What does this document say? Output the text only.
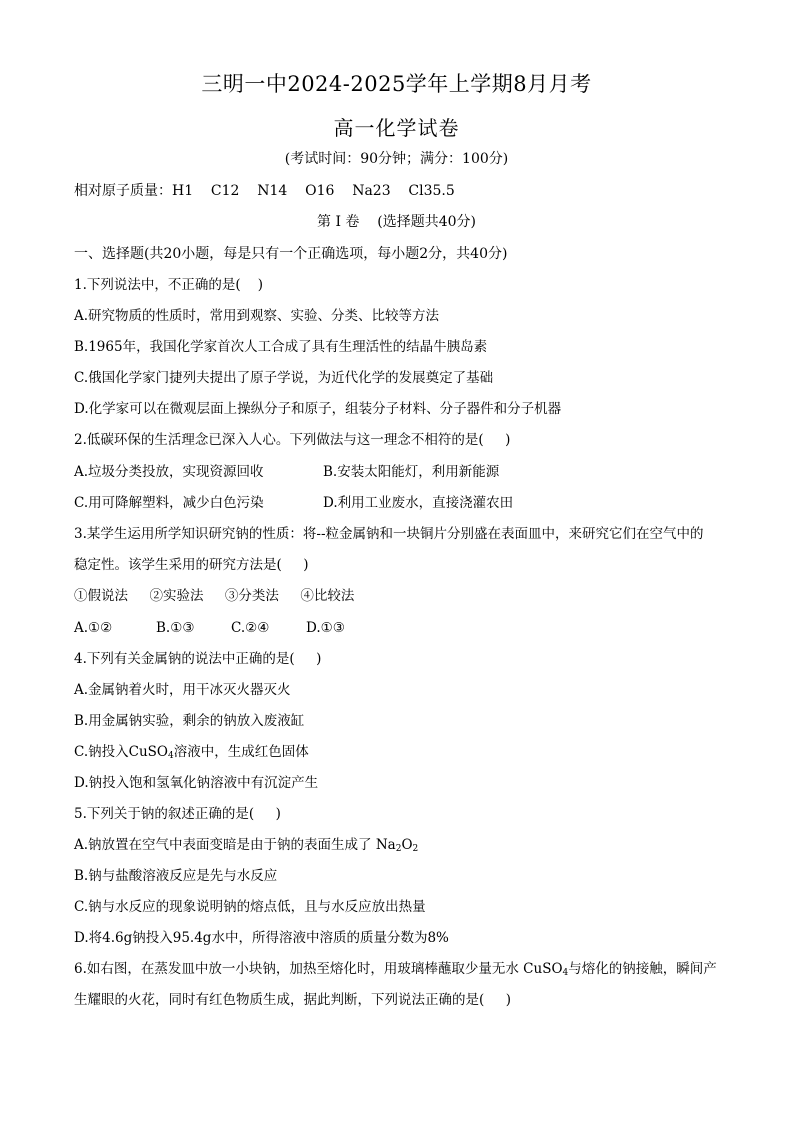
三明一中2024-2025学年上学期8月月考
高一化学试卷
(考试时间：90分钟；满分：100分)
相对原子质量：H1    C12    N14    O16    Na23    Cl35.5
第 I 卷    (选择题共40分)
一、选择题(共20小题，每是只有一个正确选项，每小题2分，共40分)
1.下列说法中，不正确的是(    )
A.研究物质的性质时，常用到观察、实验、分类、比较等方法
B.1965年，我国化学家首次人工合成了具有生理活性的结晶牛胰岛素
C.俄国化学家门捷列夫提出了原子学说，为近代化学的发展奠定了基础
D.化学家可以在微观层面上操纵分子和原子，组装分子材料、分子器件和分子机器
2.低碳环保的生活理念已深入人心。下列做法与这一理念不相符的是(     )
A.垃圾分类投放，实现资源回收	B.安装太阳能灯，利用新能源
C.用可降解塑料，减少白色污染	D.利用工业废水，直接浇灌农田
3.某学生运用所学知识研究钠的性质：将--粒金属钠和一块铜片分别盛在表面皿中，来研究它们在空气中的
稳定性。该学生采用的研究方法是(     )
①假说法     ②实验法     ③分类法     ④比较法
A.①②	B.①③	C.②④	D.①③
4.下列有关金属钠的说法中正确的是(     )
A.金属钠着火时，用干冰灭火器灭火
B.用金属钠实验，剩余的钠放入废液缸
C.钠投入CuSO$_4$溶液中，生成红色固体
D.钠投入饱和氢氧化钠溶液中有沉淀产生
5.下列关于钠的叙述正确的是(     )
A.钠放置在空气中表面变暗是由于钠的表面生成了 $Na_2O_2$
B.钠与盐酸溶液反应是先与水反应
C.钠与水反应的现象说明钠的熔点低，且与水反应放出热量
D.将4.6g钠投入95.4g水中，所得溶液中溶质的质量分数为8%
6.如右图，在蒸发皿中放一小块钠，加热至熔化时，用玻璃棒蘸取少量无水 CuSO$_4$与熔化的钠接触，瞬间产
生耀眼的火花，同时有红色物质生成，据此判断，下列说法正确的是(     )
